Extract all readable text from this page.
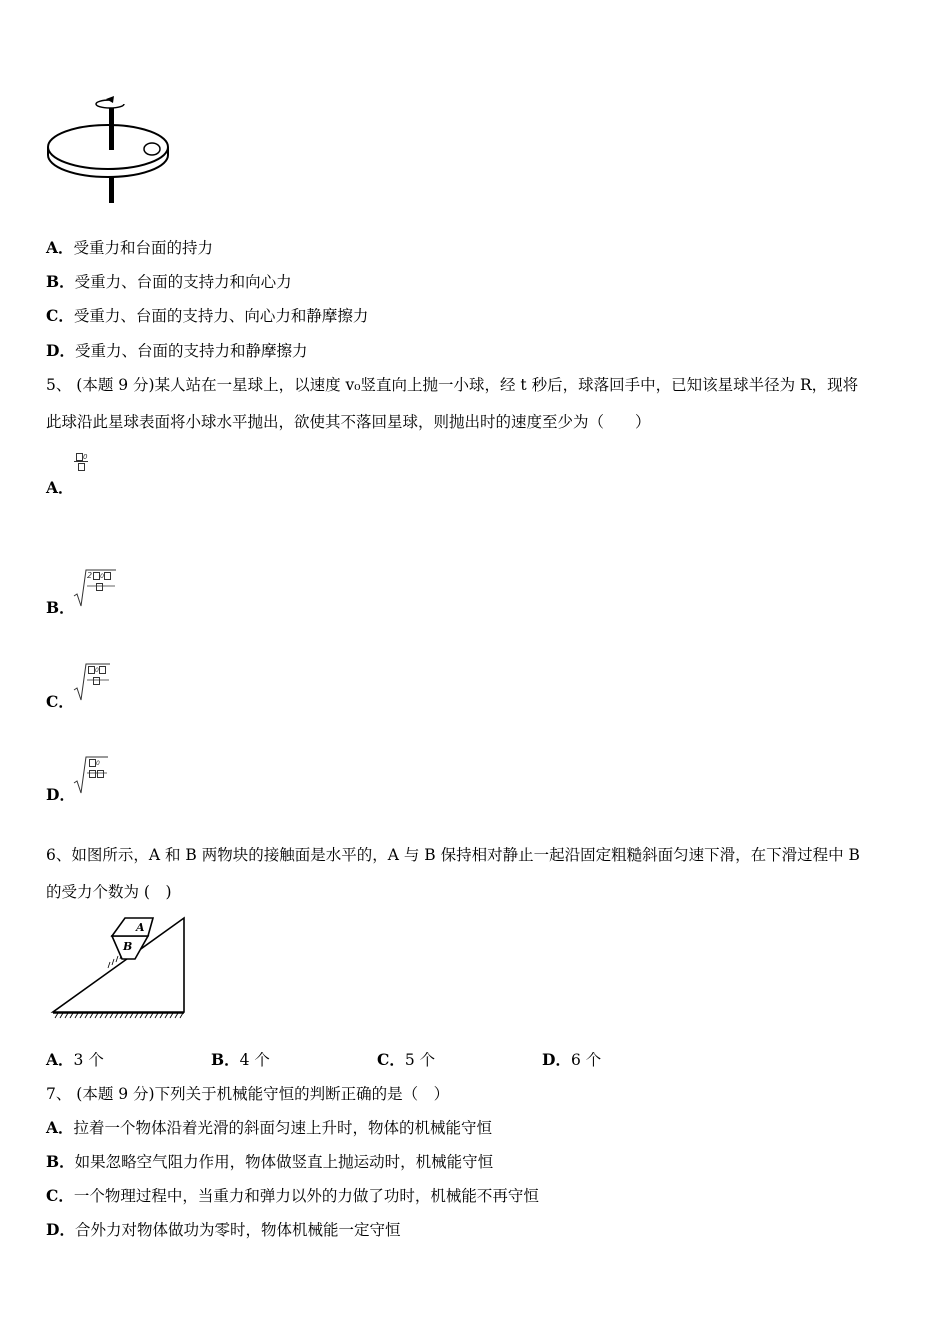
A．受重力和台面的持力
B．受重力、台面的支持力和向心力
C．受重力、台面的支持力、向心力和静摩擦力
D．受重力、台面的支持力和静摩擦力
5、 (本题 9 分)某人站在一星球上，以速度 v₀竖直向上抛一小球，经 t 秒后，球落回手中，已知该星球半径为 R，现将
此球沿此星球表面将小球水平抛出，欲使其不落回星球，则抛出时的速度至少为（　　）
A．
0
B．
2 0
C．
0
D．
0
6、如图所示，A 和 B 两物块的接触面是水平的，A 与 B 保持相对静止一起沿固定粗糙斜面匀速下滑，在下滑过程中 B
的受力个数为 (　)
A
B
A．3 个	B．4 个	C．5 个	D．6 个
7、 (本题 9 分)下列关于机械能守恒的判断正确的是（　）
A．拉着一个物体沿着光滑的斜面匀速上升时，物体的机械能守恒
B．如果忽略空气阻力作用，物体做竖直上抛运动时，机械能守恒
C．一个物理过程中，当重力和弹力以外的力做了功时，机械能不再守恒
D．合外力对物体做功为零时，物体机械能一定守恒
